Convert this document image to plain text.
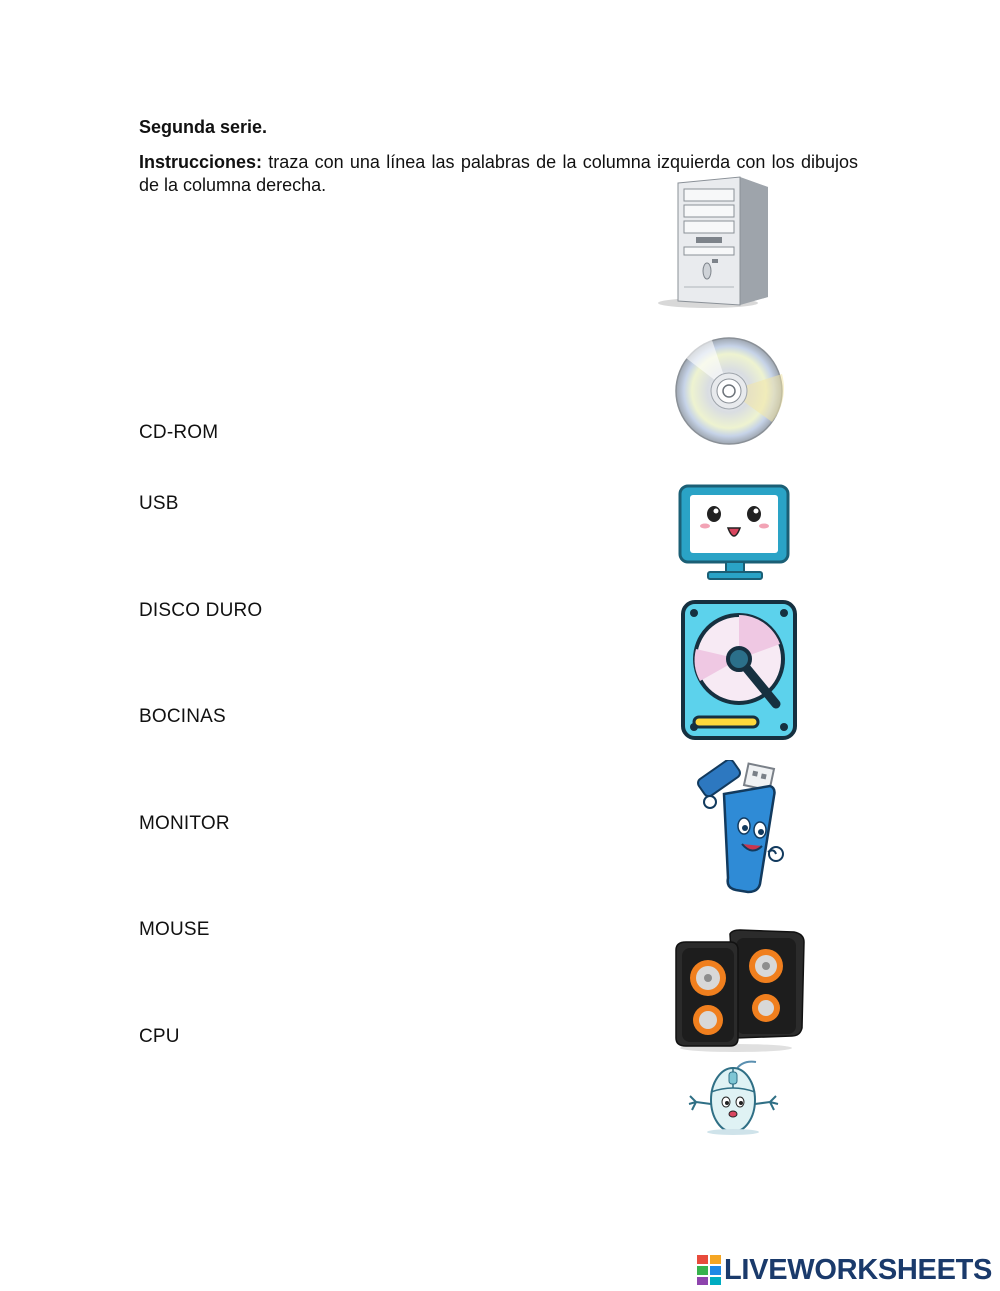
Segunda serie.
Instrucciones: traza con una línea las palabras de la columna izquierda con los dibujos de la columna derecha.
CD-ROM
USB
DISCO DURO
BOCINAS
MONITOR
MOUSE
CPU
LIVEWORKSHEETS
